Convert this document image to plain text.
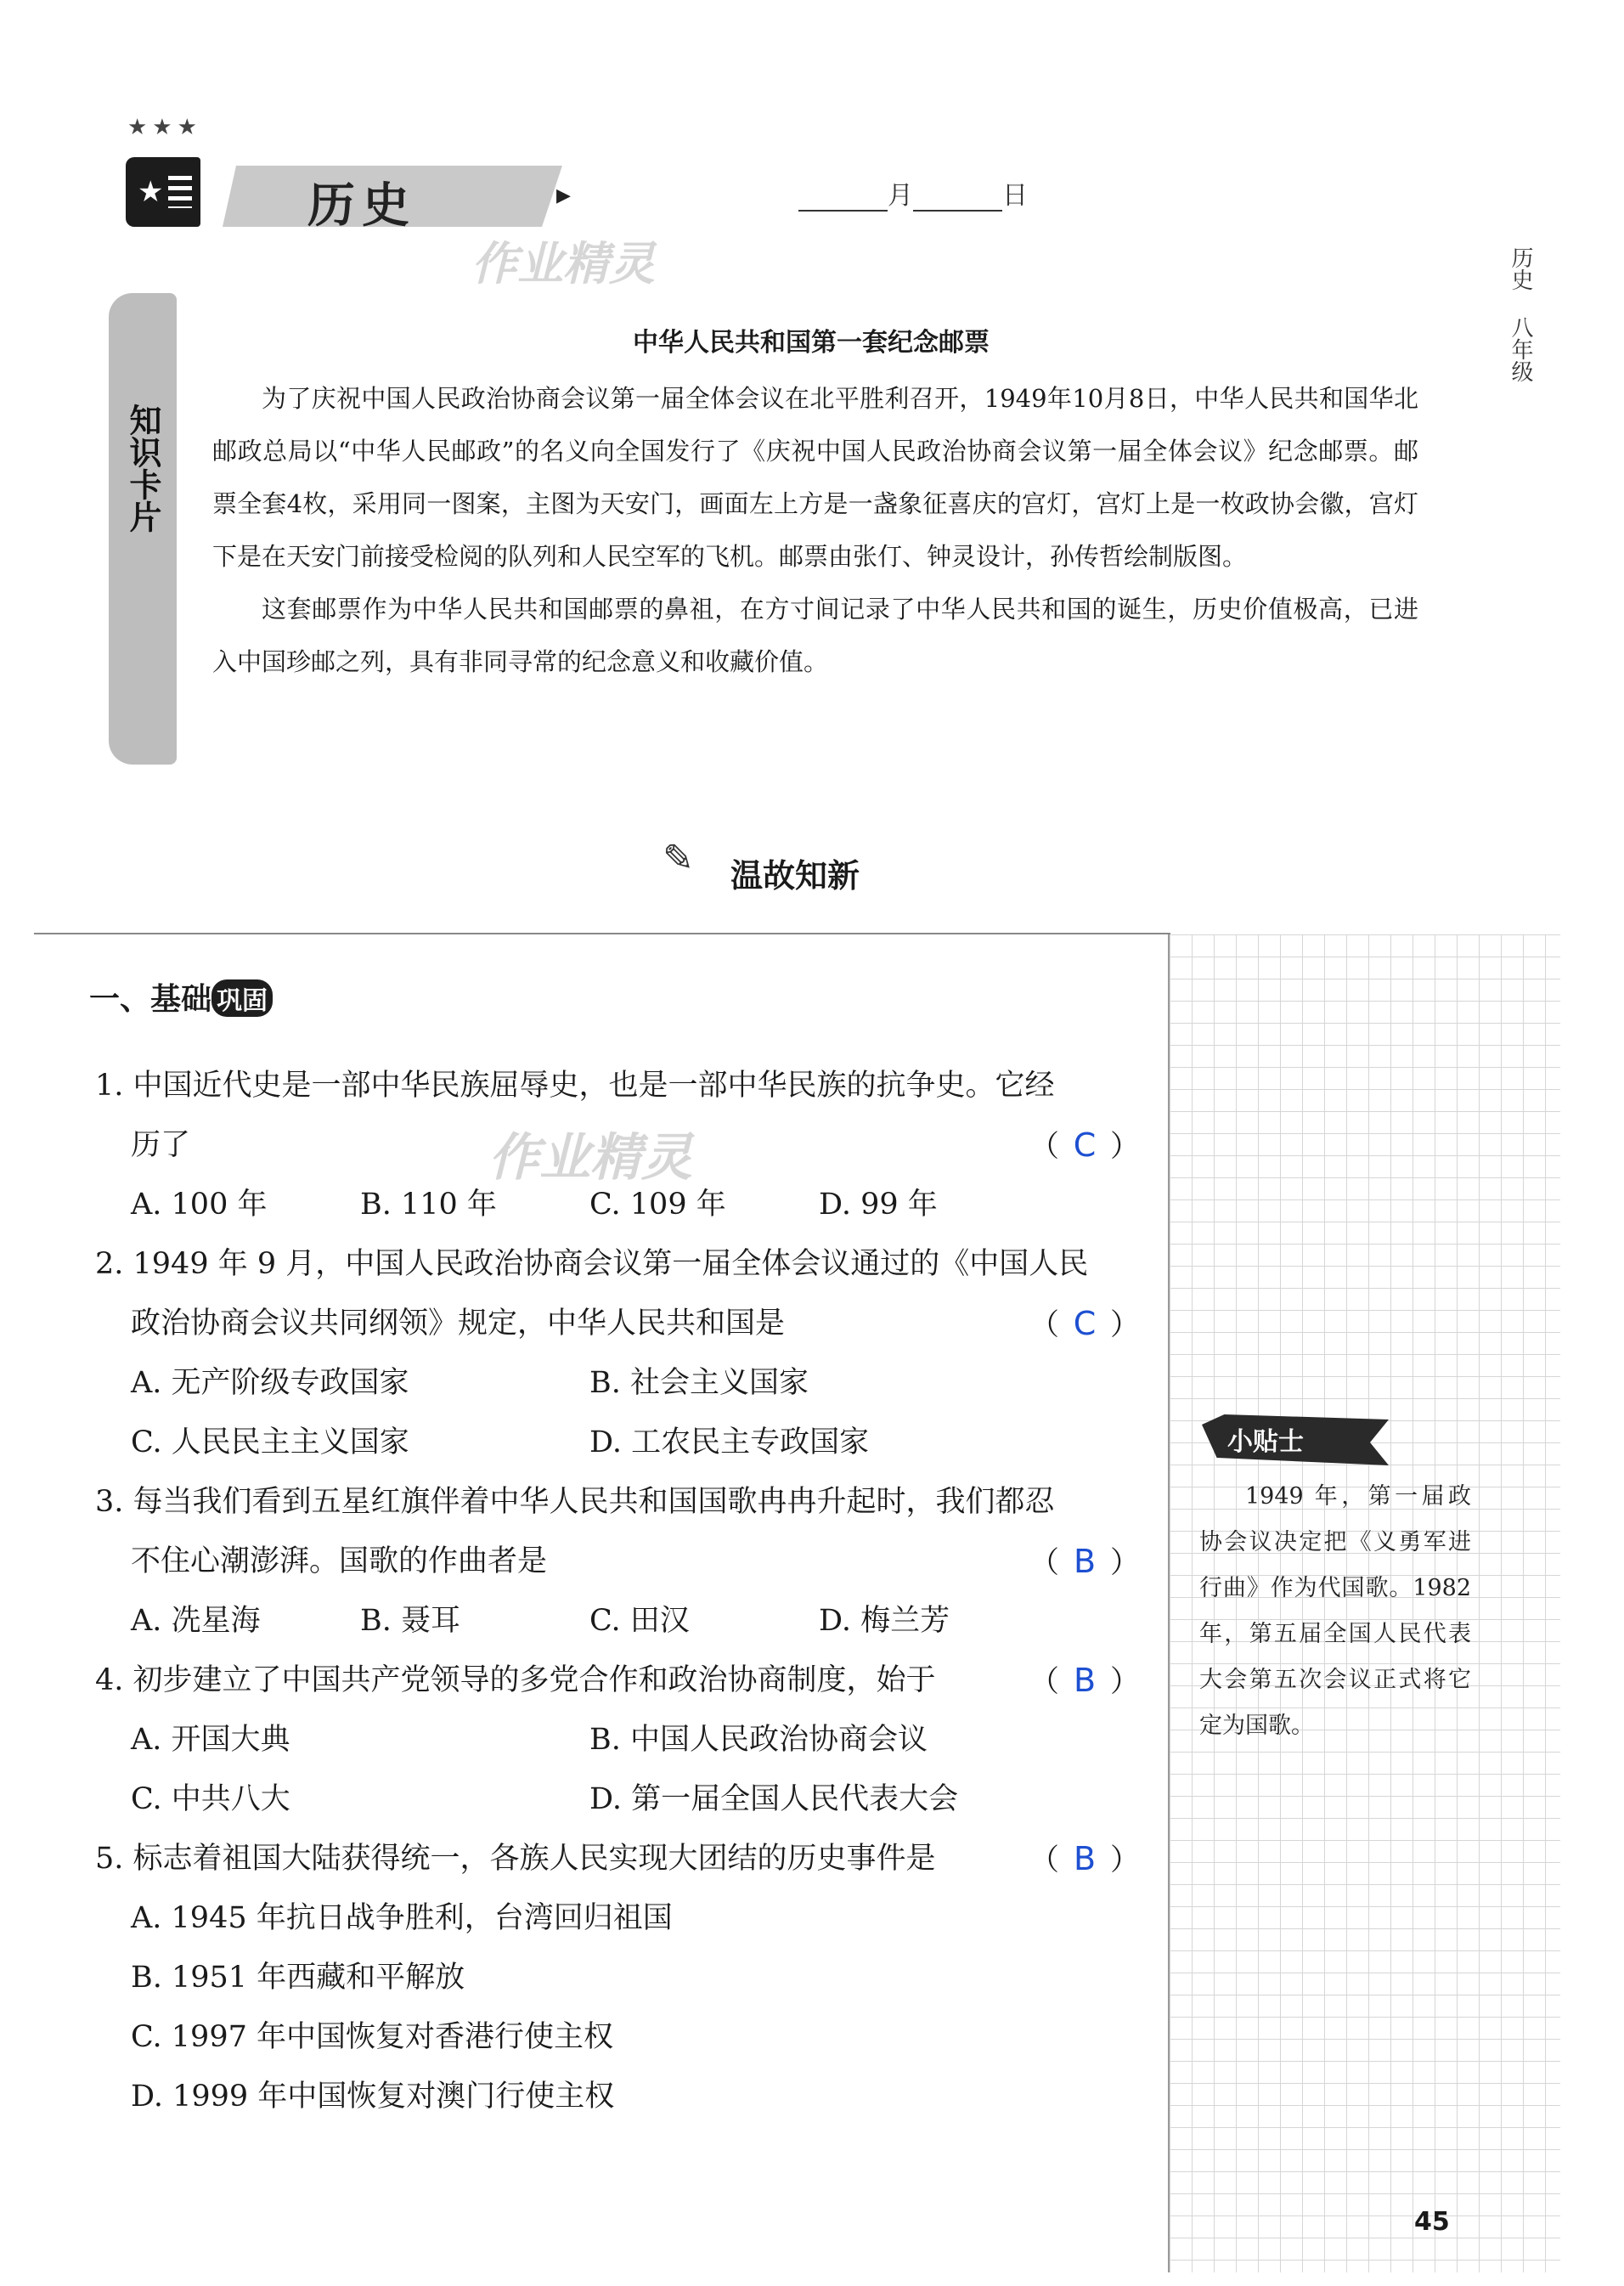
★★★
★	历史	▶	月	日
作业精灵	历史
八年级
知识卡片
中华人民共和国第一套纪念邮票

为了庆祝中国人民政治协商会议第一届全体会议在北平胜利召开，1949年10月8日，中华人民共和国华北邮政总局以“中华人民邮政”的名义向全国发行了《庆祝中国人民政治协商会议第一届全体会议》纪念邮票。邮票全套4枚，采用同一图案，主图为天安门，画面左上方是一盏象征喜庆的宫灯，宫灯上是一枚政协会徽，宫灯下是在天安门前接受检阅的队列和人民空军的飞机。邮票由张仃、钟灵设计，孙传哲绘制版图。

这套邮票作为中华人民共和国邮票的鼻祖，在方寸间记录了中华人民共和国的诞生，历史价值极高，已进入中国珍邮之列，具有非同寻常的纪念意义和收藏价值。

✎ 温故知新
小贴士
1949 年，第一届政协会议决定把《义勇军进行曲》作为代国歌。1982 年，第五届全国人民代表大会第五次会议正式将它定为国歌。
一、基础 巩固
作业精灵
1. 中国近代史是一部中华民族屈辱史，也是一部中华民族的抗争史。它经
历了	（ C ）
A. 100 年	B. 110 年	C. 109 年	D. 99 年
2. 1949 年 9 月，中国人民政治协商会议第一届全体会议通过的《中国人民
政治协商会议共同纲领》规定，中华人民共和国是	（ C ）
A. 无产阶级专政国家	B. 社会主义国家
C. 人民民主主义国家	D. 工农民主专政国家
3. 每当我们看到五星红旗伴着中华人民共和国国歌冉冉升起时，我们都忍
不住心潮澎湃。国歌的作曲者是	（ B ）
A. 冼星海	B. 聂耳	C. 田汉	D. 梅兰芳
4. 初步建立了中国共产党领导的多党合作和政治协商制度，始于	（ B ）
A. 开国大典	B. 中国人民政治协商会议
C. 中共八大	D. 第一届全国人民代表大会
5. 标志着祖国大陆获得统一，各族人民实现大团结的历史事件是	（ B ）
A. 1945 年抗日战争胜利，台湾回归祖国
B. 1951 年西藏和平解放
C. 1997 年中国恢复对香港行使主权
D. 1999 年中国恢复对澳门行使主权
45
